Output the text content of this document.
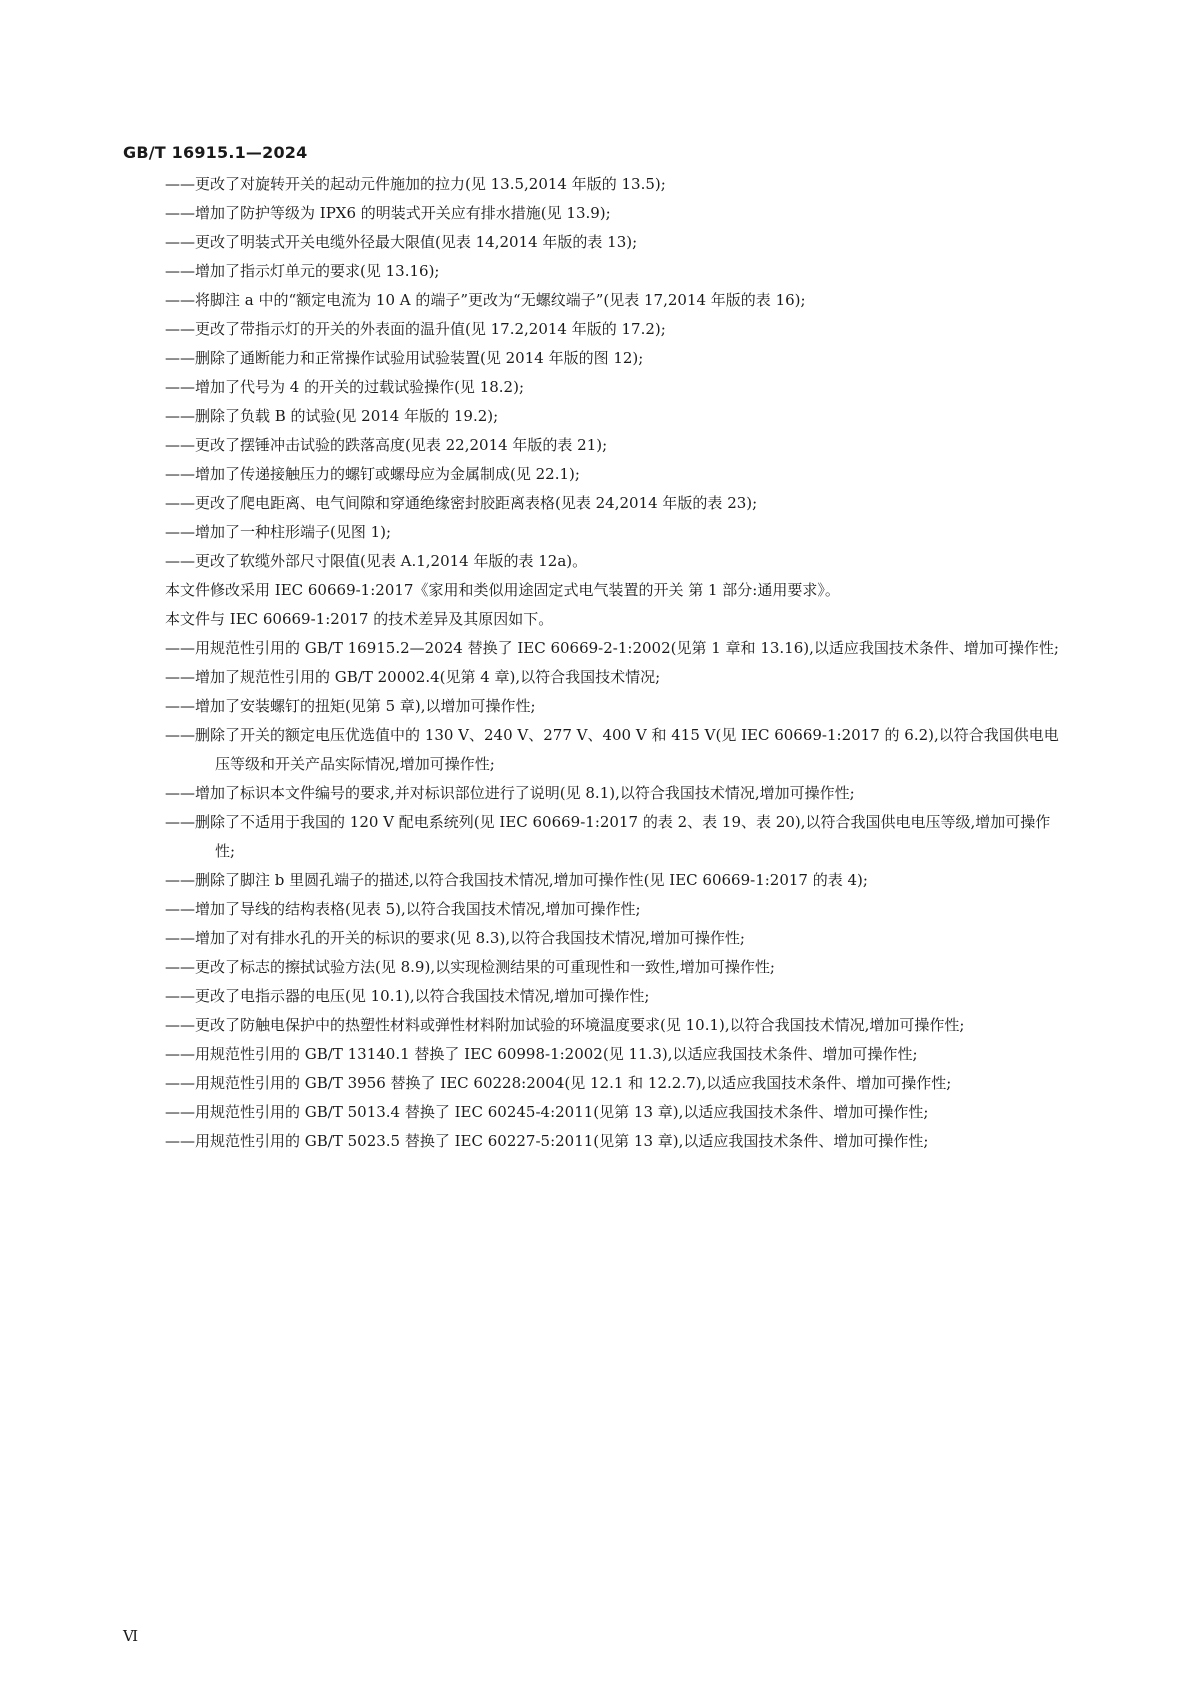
GB/T 16915.1—2024

——更改了对旋转开关的起动元件施加的拉力(见 13.5,2014 年版的 13.5);

——增加了防护等级为 IPX6 的明装式开关应有排水措施(见 13.9);

——更改了明装式开关电缆外径最大限值(见表 14,2014 年版的表 13);

——增加了指示灯单元的要求(见 13.16);

——将脚注 a 中的“额定电流为 10 A 的端子”更改为“无螺纹端子”(见表 17,2014 年版的表 16);

——更改了带指示灯的开关的外表面的温升值(见 17.2,2014 年版的 17.2);

——删除了通断能力和正常操作试验用试验装置(见 2014 年版的图 12);

——增加了代号为 4 的开关的过载试验操作(见 18.2);

——删除了负载 B 的试验(见 2014 年版的 19.2);

——更改了摆锤冲击试验的跌落高度(见表 22,2014 年版的表 21);

——增加了传递接触压力的螺钉或螺母应为金属制成(见 22.1);

——更改了爬电距离、电气间隙和穿通绝缘密封胶距离表格(见表 24,2014 年版的表 23);

——增加了一种柱形端子(见图 1);

——更改了软缆外部尺寸限值(见表 A.1,2014 年版的表 12a)。

本文件修改采用 IEC 60669-1:2017《家用和类似用途固定式电气装置的开关 第 1 部分:通用要求》。

本文件与 IEC 60669-1:2017 的技术差异及其原因如下。

——用规范性引用的 GB/T 16915.2—2024 替换了 IEC 60669-2-1:2002(见第 1 章和 13.16),以适应我国技术条件、增加可操作性;

——增加了规范性引用的 GB/T 20002.4(见第 4 章),以符合我国技术情况;

——增加了安装螺钉的扭矩(见第 5 章),以增加可操作性;

——删除了开关的额定电压优选值中的 130 V、240 V、277 V、400 V 和 415 V(见 IEC 60669-1:2017 的 6.2),以符合我国供电电压等级和开关产品实际情况,增加可操作性;

——增加了标识本文件编号的要求,并对标识部位进行了说明(见 8.1),以符合我国技术情况,增加可操作性;

——删除了不适用于我国的 120 V 配电系统列(见 IEC 60669-1:2017 的表 2、表 19、表 20),以符合我国供电电压等级,增加可操作性;

——删除了脚注 b 里圆孔端子的描述,以符合我国技术情况,增加可操作性(见 IEC 60669-1:2017 的表 4);

——增加了导线的结构表格(见表 5),以符合我国技术情况,增加可操作性;

——增加了对有排水孔的开关的标识的要求(见 8.3),以符合我国技术情况,增加可操作性;

——更改了标志的擦拭试验方法(见 8.9),以实现检测结果的可重现性和一致性,增加可操作性;

——更改了电指示器的电压(见 10.1),以符合我国技术情况,增加可操作性;

——更改了防触电保护中的热塑性材料或弹性材料附加试验的环境温度要求(见 10.1),以符合我国技术情况,增加可操作性;

——用规范性引用的 GB/T 13140.1 替换了 IEC 60998-1:2002(见 11.3),以适应我国技术条件、增加可操作性;

——用规范性引用的 GB/T 3956 替换了 IEC 60228:2004(见 12.1 和 12.2.7),以适应我国技术条件、增加可操作性;

——用规范性引用的 GB/T 5013.4 替换了 IEC 60245-4:2011(见第 13 章),以适应我国技术条件、增加可操作性;

——用规范性引用的 GB/T 5023.5 替换了 IEC 60227-5:2011(见第 13 章),以适应我国技术条件、增加可操作性;

Ⅵ
